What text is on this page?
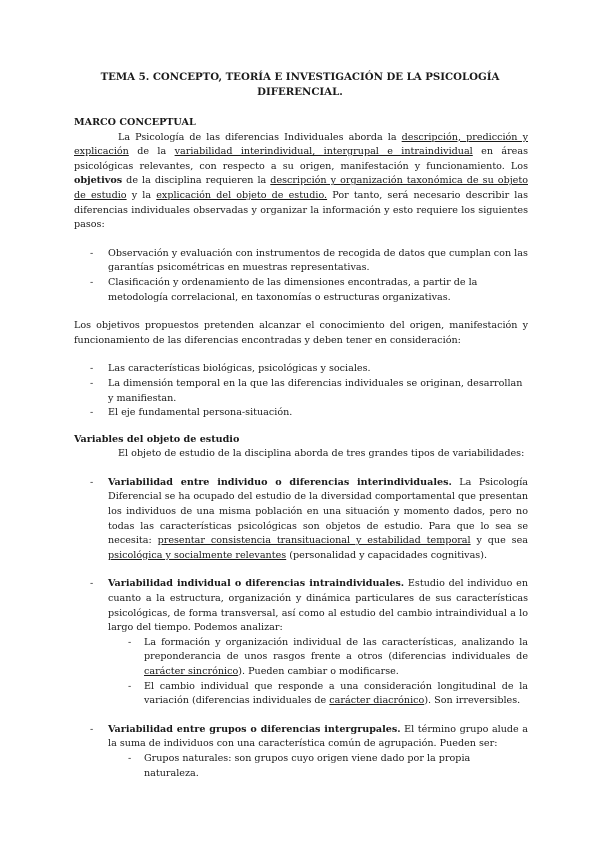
TEMA 5. CONCEPTO, TEORÍA E INVESTIGACIÓN DE LA PSICOLOGÍA
DIFERENCIAL.
MARCO CONCEPTUAL

La Psicología de las diferencias Individuales aborda la descripción, predicción y explicación de la variabilidad interindividual, intergrupal e intraindividual en áreas psicológicas relevantes, con respecto a su origen, manifestación y funcionamiento. Los objetivos de la disciplina requieren la descripción y organización taxonómica de su objeto de estudio y la explicación del objeto de estudio. Por tanto, será necesario describir las diferencias individuales observadas y organizar la información y esto requiere los siguientes pasos:

- Observación y evaluación con instrumentos de recogida de datos que cumplan con las garantías psicométricas en muestras representativas.
- Clasificación y ordenamiento de las dimensiones encontradas, a partir de la metodología correlacional, en taxonomías o estructuras organizativas.

Los objetivos propuestos pretenden alcanzar el conocimiento del origen, manifestación y funcionamiento de las diferencias encontradas y deben tener en consideración:

- Las características biológicas, psicológicas y sociales.
- La dimensión temporal en la que las diferencias individuales se originan, desarrollan y manifiestan.
- El eje fundamental persona-situación.
Variables del objeto de estudio

El objeto de estudio de la disciplina aborda de tres grandes tipos de variabilidades:

- Variabilidad entre individuo o diferencias interindividuales. La Psicología Diferencial se ha ocupado del estudio de la diversidad comportamental que presentan los individuos de una misma población en una situación y momento dados, pero no todas las características psicológicas son objetos de estudio. Para que lo sea se necesita: presentar consistencia transituacional y estabilidad temporal y que sea psicológica y socialmente relevantes (personalidad y capacidades cognitivas).

- Variabilidad individual o diferencias intraindividuales. Estudio del individuo en cuanto a la estructura, organización y dinámica particulares de sus características psicológicas, de forma transversal, así como al estudio del cambio intraindividual a lo largo del tiempo. Podemos analizar:

- La formación y organización individual de las características, analizando la preponderancia de unos rasgos frente a otros (diferencias individuales de carácter sincrónico). Pueden cambiar o modificarse.

- El cambio individual que responde a una consideración longitudinal de la variación (diferencias individuales de carácter diacrónico). Son irreversibles.

- Variabilidad entre grupos o diferencias intergrupales. El término grupo alude a la suma de individuos con una característica común de agrupación. Pueden ser:

- Grupos naturales: son grupos cuyo origen viene dado por la propia naturaleza.
